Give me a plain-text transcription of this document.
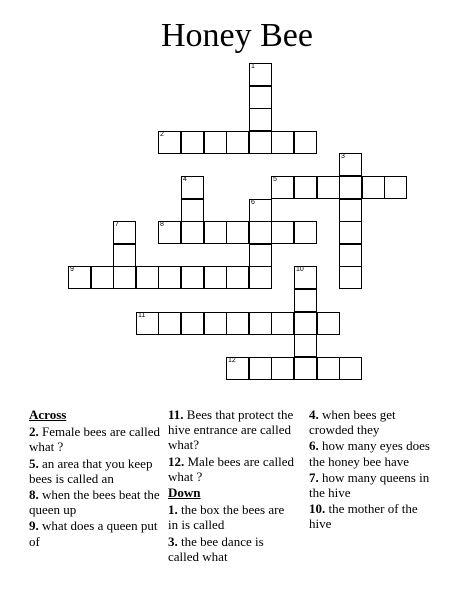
Honey Bee
1
2
3
4	5
6
7	8
9	10
11
12
Across
2. Female bees are called what ?
5. an area that you keep bees is called an
8. when the bees beat the queen up
9. what does a queen put of
11. Bees that protect the hive entrance are called what?
12. Male bees are called what ?
Down
1. the box the bees are in is called
3. the bee dance is called what
4. when bees get crowded they
6. how many eyes does the honey bee have
7. how many queens in the hive
10. the mother of the hive
